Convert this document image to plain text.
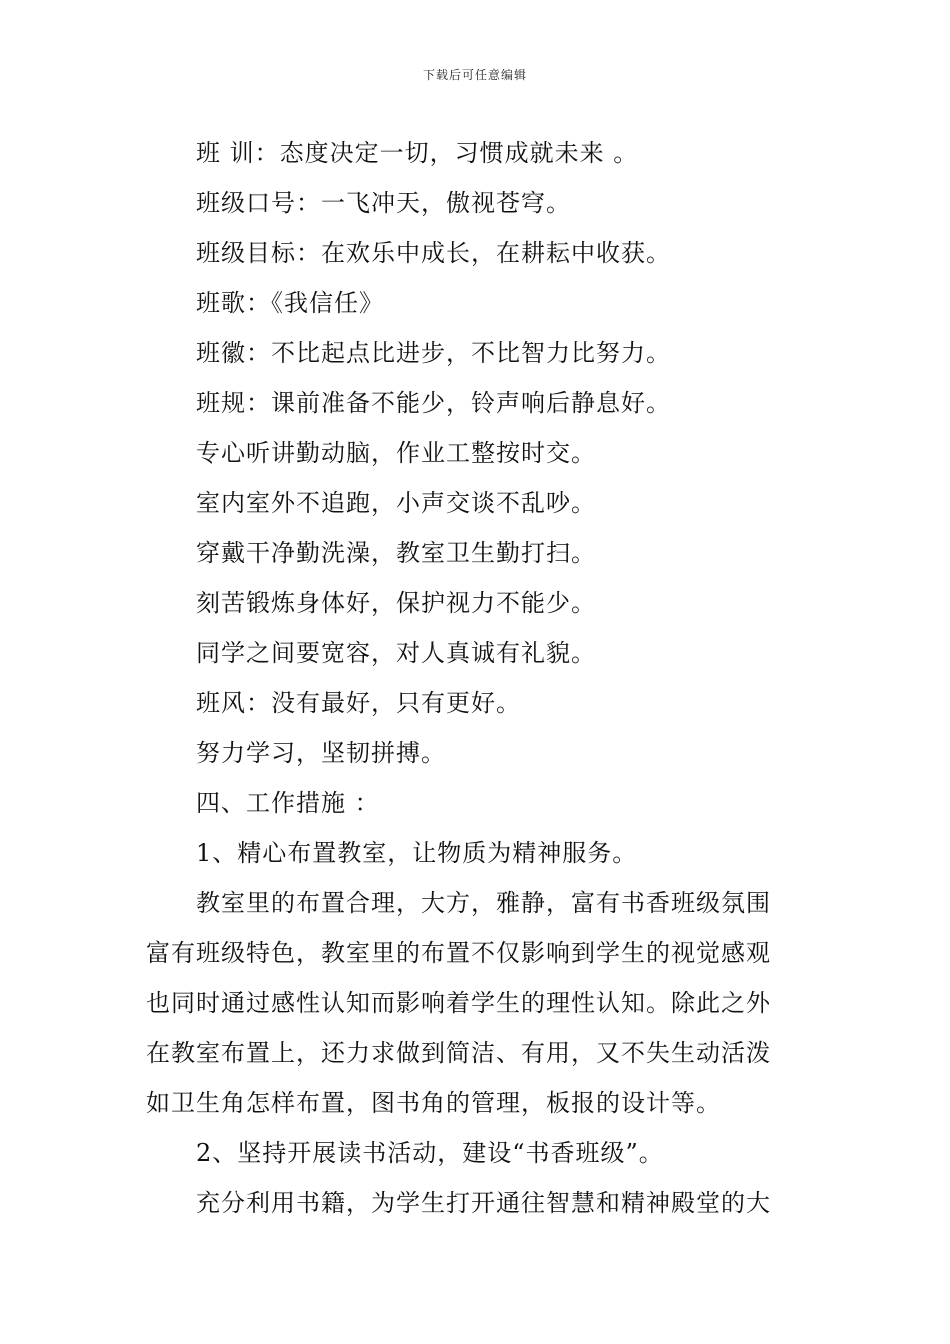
下载后可任意编辑
班 训：态度决定一切，习惯成就未来 。
班级口号：一飞冲天，傲视苍穹。
班级目标：在欢乐中成长，在耕耘中收获。
班歌：《我信任》
班徽：不比起点比进步，不比智力比努力。
班规：课前准备不能少，铃声响后静息好。
专心听讲勤动脑，作业工整按时交。
室内室外不追跑，小声交谈不乱吵。
穿戴干净勤洗澡，教室卫生勤打扫。
刻苦锻炼身体好，保护视力不能少。
同学之间要宽容，对人真诚有礼貌。
班风：没有最好，只有更好。
努力学习，坚韧拼搏。
四、工作措施 ：
1、精心布置教室，让物质为精神服务。
教室里的布置合理，大方，雅静，富有书香班级氛围
富有班级特色，教室里的布置不仅影响到学生的视觉感观
也同时通过感性认知而影响着学生的理性认知。除此之外
在教室布置上，还力求做到简洁、有用，又不失生动活泼
如卫生角怎样布置，图书角的管理，板报的设计等。
2、坚持开展读书活动，建设“书香班级”。
充分利用书籍，为学生打开通往智慧和精神殿堂的大
